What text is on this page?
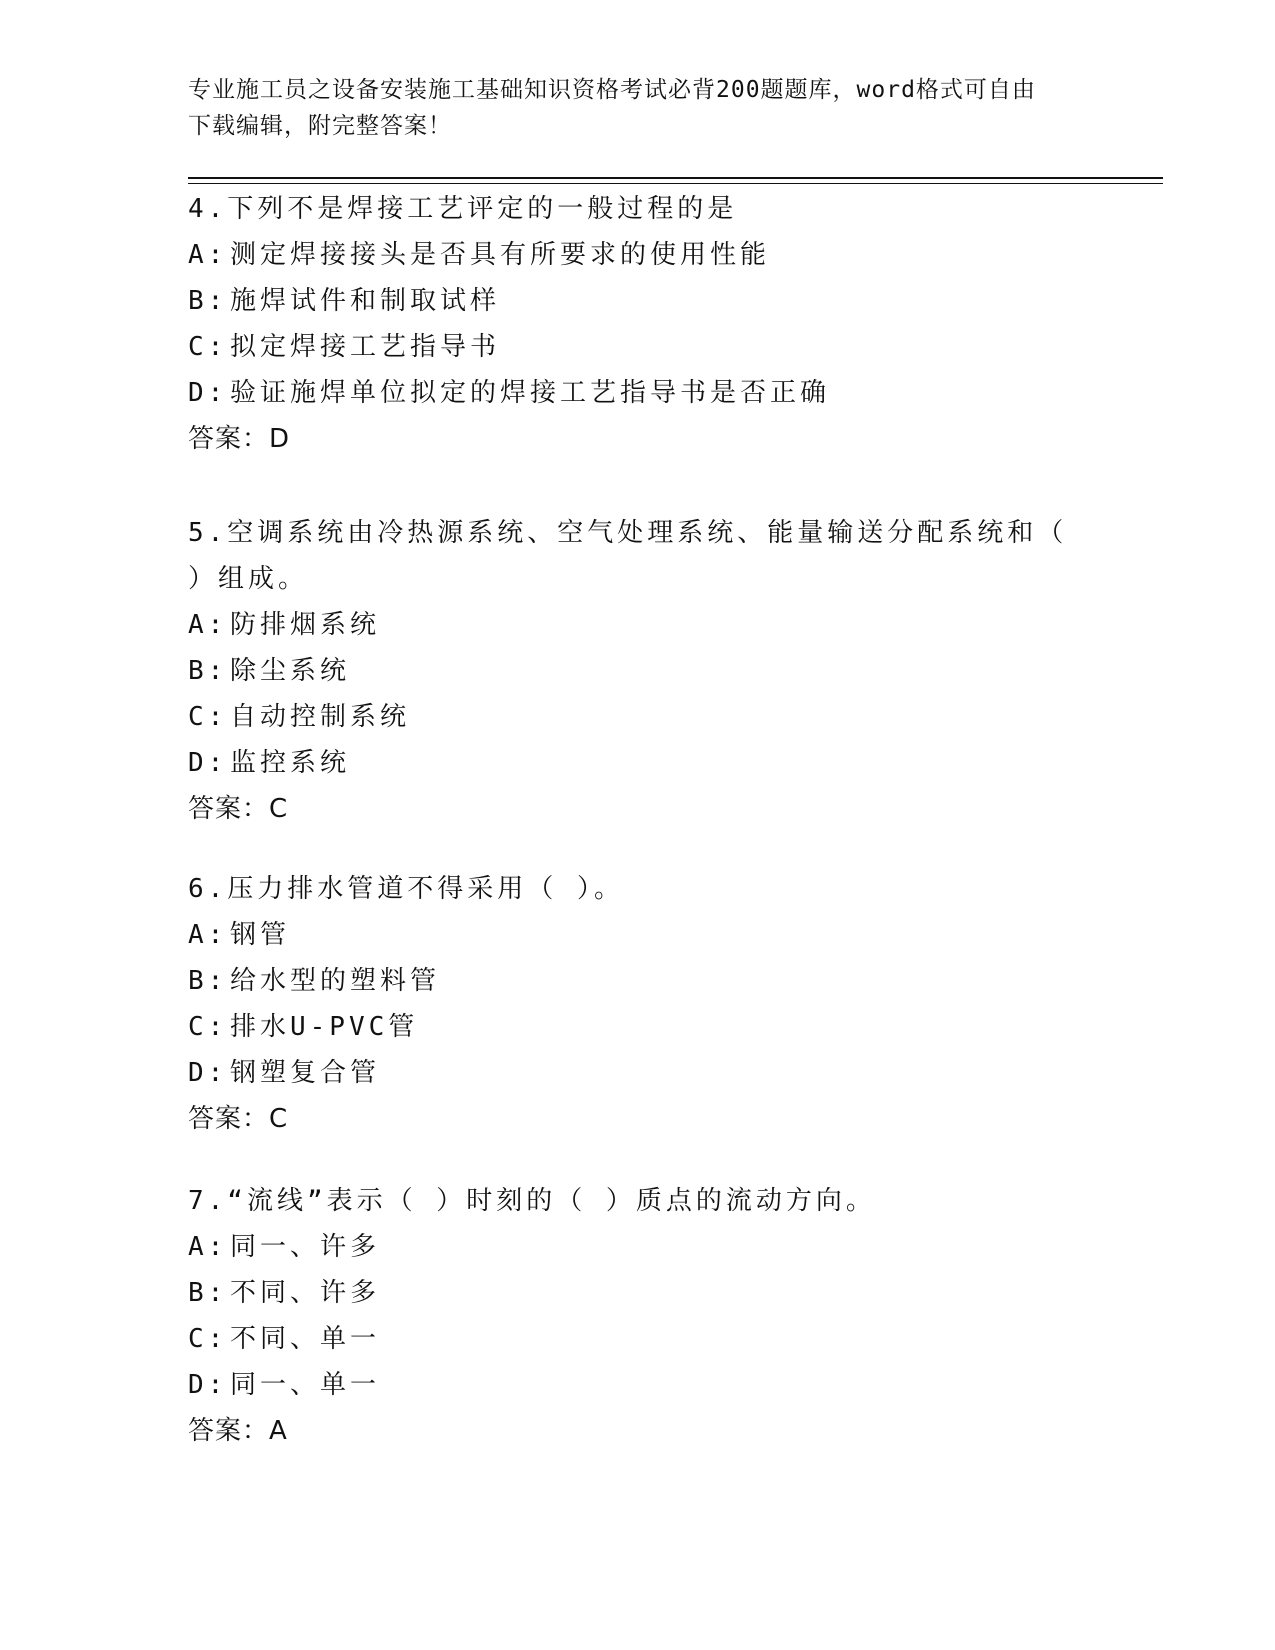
专业施工员之设备安装施工基础知识资格考试必背200题题库，word格式可自由
下载编辑，附完整答案！
4.下列不是焊接工艺评定的一般过程的是
A: 测定焊接接头是否具有所要求的使用性能
B: 施焊试件和制取试样
C: 拟定焊接工艺指导书
D: 验证施焊单位拟定的焊接工艺指导书是否正确
答案：D
5.空调系统由冷热源系统、空气处理系统、能量输送分配系统和（ ）组成。
A: 防排烟系统
B: 除尘系统
C: 自动控制系统
D: 监控系统
答案：C
6.压力排水管道不得采用（ ）。
A: 钢管
B: 给水型的塑料管
C: 排水U-PVC管
D: 钢塑复合管
答案：C
7.“流线”表示（ ）时刻的（ ）质点的流动方向。
A: 同一、许多
B: 不同、许多
C: 不同、单一
D: 同一、单一
答案：A
